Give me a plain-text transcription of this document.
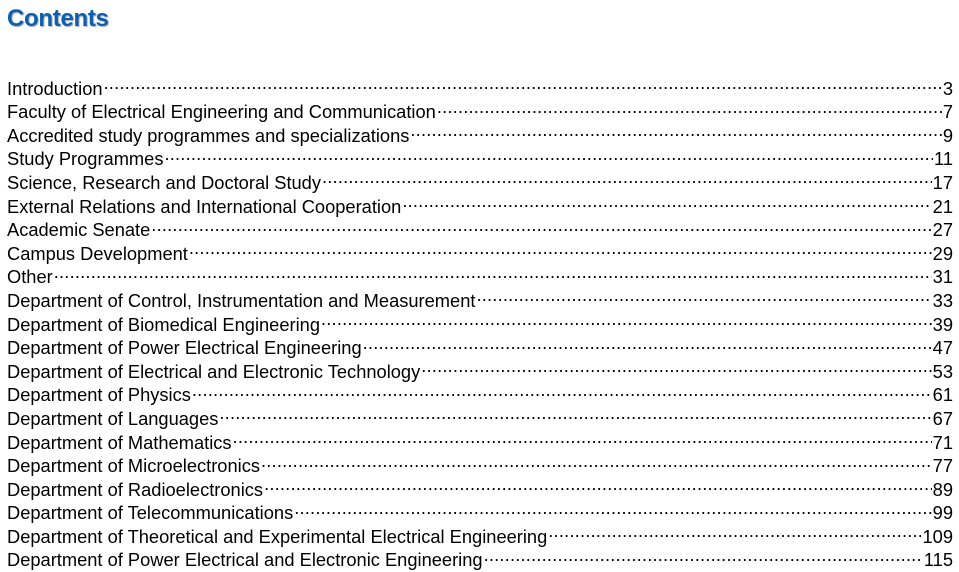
Contents
Introduction .....	3
Faculty of Electrical Engineering and Communication .....	7
Accredited study programmes and specializations .....	9
Study Programmes .....	11
Science, Research and Doctoral Study .....	17
External Relations and International Cooperation .....	21
Academic Senate .....	27
Campus Development .....	29
Other .....	31
Department of Control, Instrumentation and Measurement .....	33
Department of Biomedical Engineering .....	39
Department of Power Electrical Engineering .....	47
Department of Electrical and Electronic Technology .....	53
Department of Physics .....	61
Department of Languages .....	67
Department of Mathematics .....	71
Department of Microelectronics .....	77
Department of Radioelectronics .....	89
Department of Telecommunications .....	99
Department of Theoretical and Experimental Electrical Engineering .....	109
Department of Power Electrical and Electronic Engineering .....	115
